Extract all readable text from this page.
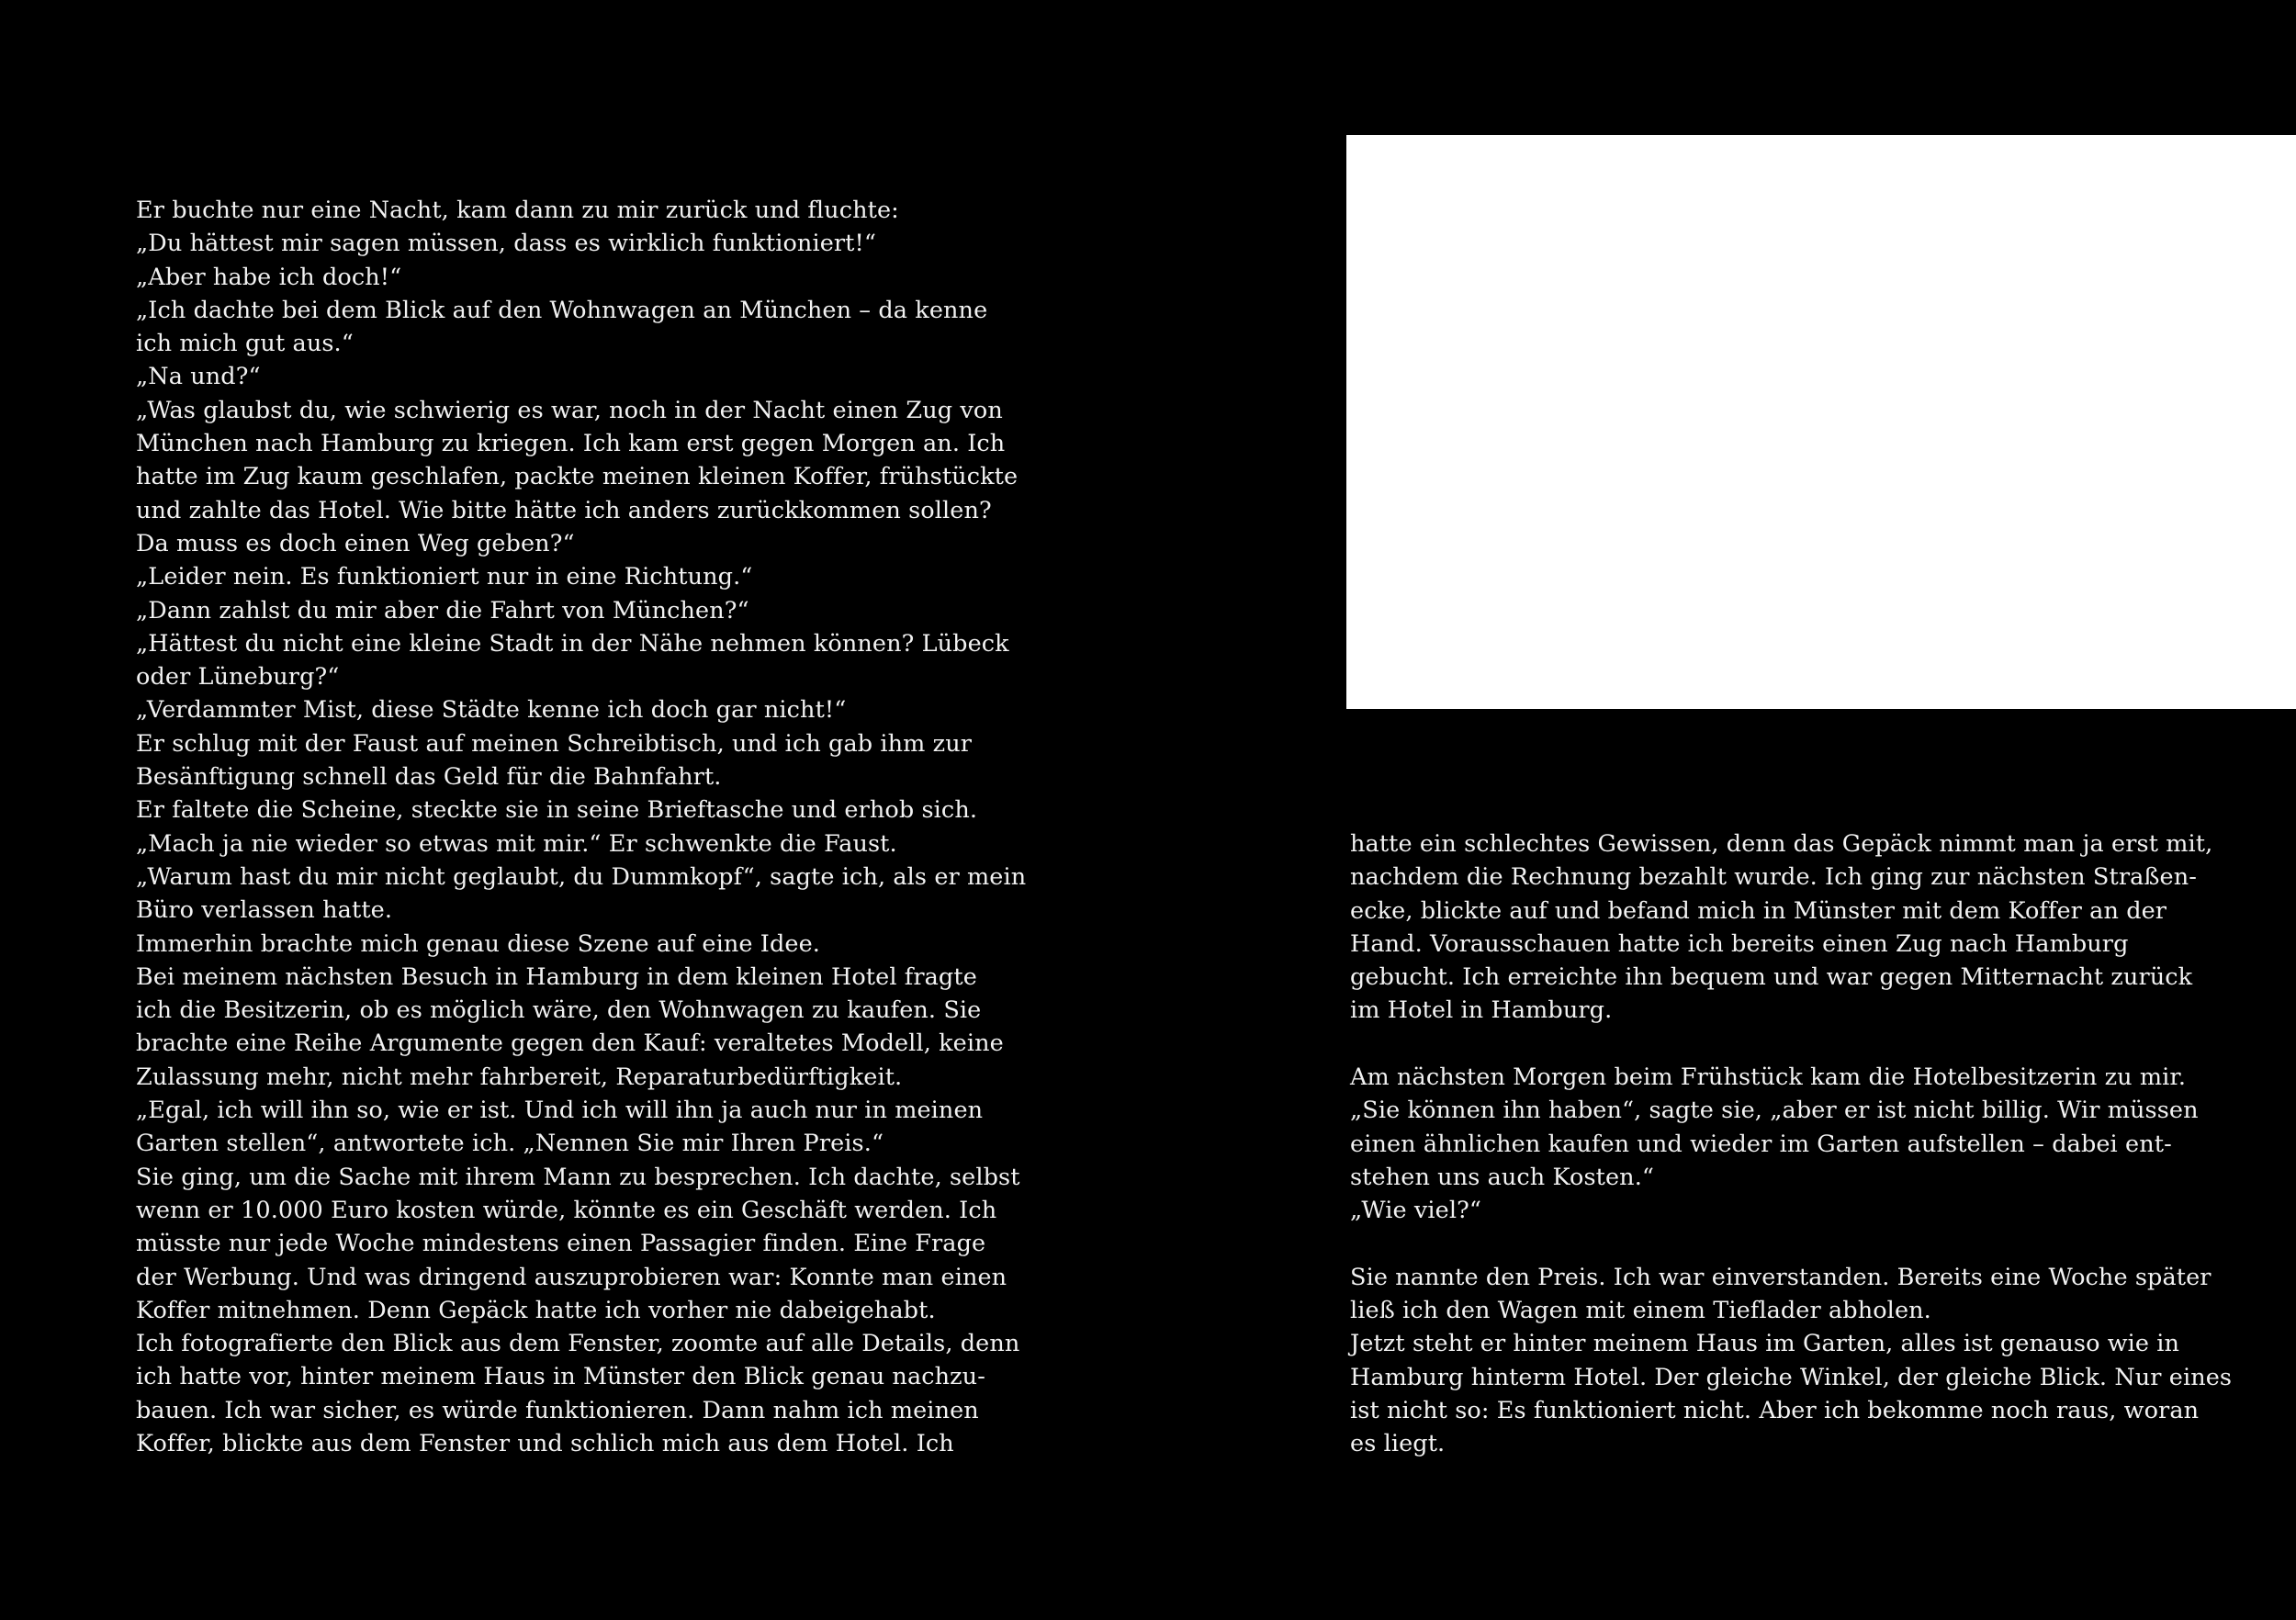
Er buchte nur eine Nacht, kam dann zu mir zurück und fluchte:
„Du hättest mir sagen müssen, dass es wirklich funktioniert!“
„Aber habe ich doch!“
„Ich dachte bei dem Blick auf den Wohnwagen an München – da kenne
ich mich gut aus.“
„Na und?“
„Was glaubst du, wie schwierig es war, noch in der Nacht einen Zug von
München nach Hamburg zu kriegen. Ich kam erst gegen Morgen an. Ich
hatte im Zug kaum geschlafen, packte meinen kleinen Koffer, frühstückte
und zahlte das Hotel. Wie bitte hätte ich anders zurückkommen sollen?
Da muss es doch einen Weg geben?“
„Leider nein. Es funktioniert nur in eine Richtung.“
„Dann zahlst du mir aber die Fahrt von München?“
„Hättest du nicht eine kleine Stadt in der Nähe nehmen können? Lübeck
oder Lüneburg?“
„Verdammter Mist, diese Städte kenne ich doch gar nicht!“
Er schlug mit der Faust auf meinen Schreibtisch, und ich gab ihm zur
Besänftigung schnell das Geld für die Bahnfahrt.
Er faltete die Scheine, steckte sie in seine Brieftasche und erhob sich.
„Mach ja nie wieder so etwas mit mir.“ Er schwenkte die Faust.
„Warum hast du mir nicht geglaubt, du Dummkopf“, sagte ich, als er mein
Büro verlassen hatte.
Immerhin brachte mich genau diese Szene auf eine Idee.
Bei meinem nächsten Besuch in Hamburg in dem kleinen Hotel fragte
ich die Besitzerin, ob es möglich wäre, den Wohnwagen zu kaufen. Sie
brachte eine Reihe Argumente gegen den Kauf: veraltetes Modell, keine
Zulassung mehr, nicht mehr fahrbereit, Reparaturbedürftigkeit.
„Egal, ich will ihn so, wie er ist. Und ich will ihn ja auch nur in meinen
Garten stellen“, antwortete ich. „Nennen Sie mir Ihren Preis.“
Sie ging, um die Sache mit ihrem Mann zu besprechen. Ich dachte, selbst
wenn er 10.000 Euro kosten würde, könnte es ein Geschäft werden. Ich
müsste nur jede Woche mindestens einen Passagier finden. Eine Frage
der Werbung. Und was dringend auszuprobieren war: Konnte man einen
Koffer mitnehmen. Denn Gepäck hatte ich vorher nie dabeigehabt.
Ich fotografierte den Blick aus dem Fenster, zoomte auf alle Details, denn
ich hatte vor, hinter meinem Haus in Münster den Blick genau nachzu-
bauen. Ich war sicher, es würde funktionieren. Dann nahm ich meinen
Koffer, blickte aus dem Fenster und schlich mich aus dem Hotel. Ich
hatte ein schlechtes Gewissen, denn das Gepäck nimmt man ja erst mit,
nachdem die Rechnung bezahlt wurde. Ich ging zur nächsten Straßen-
ecke, blickte auf und befand mich in Münster mit dem Koffer an der
Hand. Vorausschauen hatte ich bereits einen Zug nach Hamburg
gebucht. Ich erreichte ihn bequem und war gegen Mitternacht zurück
im Hotel in Hamburg.
Am nächsten Morgen beim Frühstück kam die Hotelbesitzerin zu mir.
„Sie können ihn haben“, sagte sie, „aber er ist nicht billig. Wir müssen
einen ähnlichen kaufen und wieder im Garten aufstellen – dabei ent-
stehen uns auch Kosten.“
„Wie viel?“
Sie nannte den Preis. Ich war einverstanden. Bereits eine Woche später
ließ ich den Wagen mit einem Tieflader abholen.
Jetzt steht er hinter meinem Haus im Garten, alles ist genauso wie in
Hamburg hinterm Hotel. Der gleiche Winkel, der gleiche Blick. Nur eines
ist nicht so: Es funktioniert nicht. Aber ich bekomme noch raus, woran
es liegt.
